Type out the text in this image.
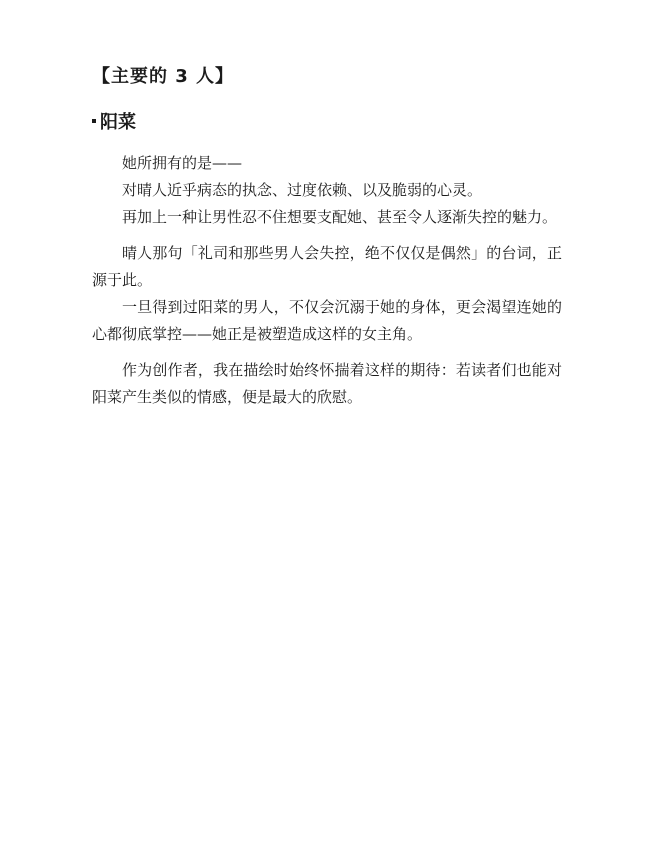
【主要的 3 人】
阳菜

她所拥有的是——

对晴人近乎病态的执念、过度依赖、以及脆弱的心灵。

再加上一种让男性忍不住想要支配她、甚至令人逐渐失控的魅力。

晴人那句「礼司和那些男人会失控，绝不仅仅是偶然」的台词，正源于此。

一旦得到过阳菜的男人，不仅会沉溺于她的身体，更会渴望连她的心都彻底掌控——她正是被塑造成这样的女主角。

作为创作者，我在描绘时始终怀揣着这样的期待：若读者们也能对阳菜产生类似的情感，便是最大的欣慰。
